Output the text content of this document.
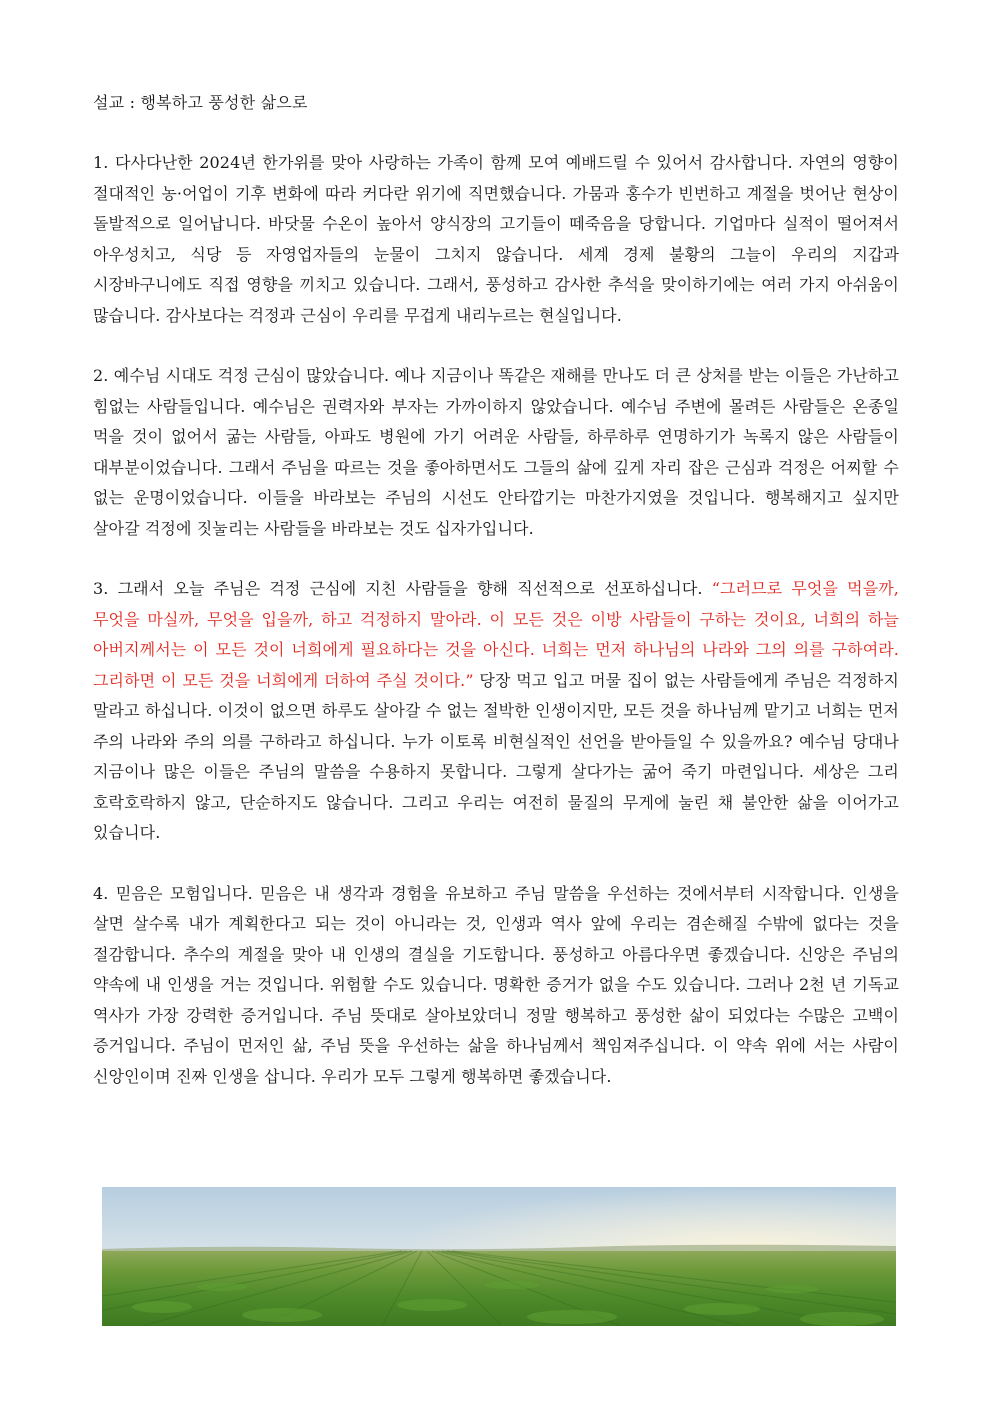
설교 : 행복하고 풍성한 삶으로

1. 다사다난한 2024년 한가위를 맞아 사랑하는 가족이 함께 모여 예배드릴 수 있어서 감사합니다. 자연의 영향이 절대적인 농·어업이 기후 변화에 따라 커다란 위기에 직면했습니다. 가뭄과 홍수가 빈번하고 계절을 벗어난 현상이 돌발적으로 일어납니다. 바닷물 수온이 높아서 양식장의 고기들이 떼죽음을 당합니다. 기업마다 실적이 떨어져서 아우성치고, 식당 등 자영업자들의 눈물이 그치지 않습니다. 세계 경제 불황의 그늘이 우리의 지갑과 시장바구니에도 직접 영향을 끼치고 있습니다. 그래서, 풍성하고 감사한 추석을 맞이하기에는 여러 가지 아쉬움이 많습니다. 감사보다는 걱정과 근심이 우리를 무겁게 내리누르는 현실입니다.

2. 예수님 시대도 걱정 근심이 많았습니다. 예나 지금이나 똑같은 재해를 만나도 더 큰 상처를 받는 이들은 가난하고 힘없는 사람들입니다. 예수님은 권력자와 부자는 가까이하지 않았습니다. 예수님 주변에 몰려든 사람들은 온종일 먹을 것이 없어서 굶는 사람들, 아파도 병원에 가기 어려운 사람들, 하루하루 연명하기가 녹록지 않은 사람들이 대부분이었습니다. 그래서 주님을 따르는 것을 좋아하면서도 그들의 삶에 깊게 자리 잡은 근심과 걱정은 어찌할 수 없는 운명이었습니다. 이들을 바라보는 주님의 시선도 안타깝기는 마찬가지였을 것입니다. 행복해지고 싶지만 살아갈 걱정에 짓눌리는 사람들을 바라보는 것도 십자가입니다.

3. 그래서 오늘 주님은 걱정 근심에 지친 사람들을 향해 직선적으로 선포하십니다. “그러므로 무엇을 먹을까, 무엇을 마실까, 무엇을 입을까, 하고 걱정하지 말아라. 이 모든 것은 이방 사람들이 구하는 것이요, 너희의 하늘 아버지께서는 이 모든 것이 너희에게 필요하다는 것을 아신다. 너희는 먼저 하나님의 나라와 그의 의를 구하여라. 그리하면 이 모든 것을 너희에게 더하여 주실 것이다.” 당장 먹고 입고 머물 집이 없는 사람들에게 주님은 걱정하지 말라고 하십니다. 이것이 없으면 하루도 살아갈 수 없는 절박한 인생이지만, 모든 것을 하나님께 맡기고 너희는 먼저 주의 나라와 주의 의를 구하라고 하십니다. 누가 이토록 비현실적인 선언을 받아들일 수 있을까요? 예수님 당대나 지금이나 많은 이들은 주님의 말씀을 수용하지 못합니다. 그렇게 살다가는 굶어 죽기 마련입니다. 세상은 그리 호락호락하지 않고, 단순하지도 않습니다. 그리고 우리는 여전히 물질의 무게에 눌린 채 불안한 삶을 이어가고 있습니다.

4. 믿음은 모험입니다. 믿음은 내 생각과 경험을 유보하고 주님 말씀을 우선하는 것에서부터 시작합니다. 인생을 살면 살수록 내가 계획한다고 되는 것이 아니라는 것, 인생과 역사 앞에 우리는 겸손해질 수밖에 없다는 것을 절감합니다. 추수의 계절을 맞아 내 인생의 결실을 기도합니다. 풍성하고 아름다우면 좋겠습니다. 신앙은 주님의 약속에 내 인생을 거는 것입니다. 위험할 수도 있습니다. 명확한 증거가 없을 수도 있습니다. 그러나 2천 년 기독교 역사가 가장 강력한 증거입니다. 주님 뜻대로 살아보았더니 정말 행복하고 풍성한 삶이 되었다는 수많은 고백이 증거입니다. 주님이 먼저인 삶, 주님 뜻을 우선하는 삶을 하나님께서 책임져주십니다. 이 약속 위에 서는 사람이 신앙인이며 진짜 인생을 삽니다. 우리가 모두 그렇게 행복하면 좋겠습니다.
